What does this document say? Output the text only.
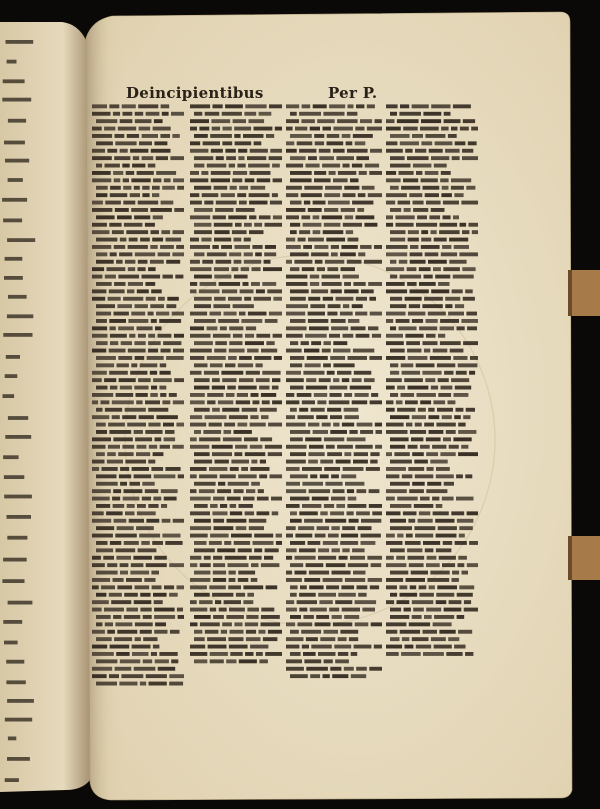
Deincipientibus	Per P.
